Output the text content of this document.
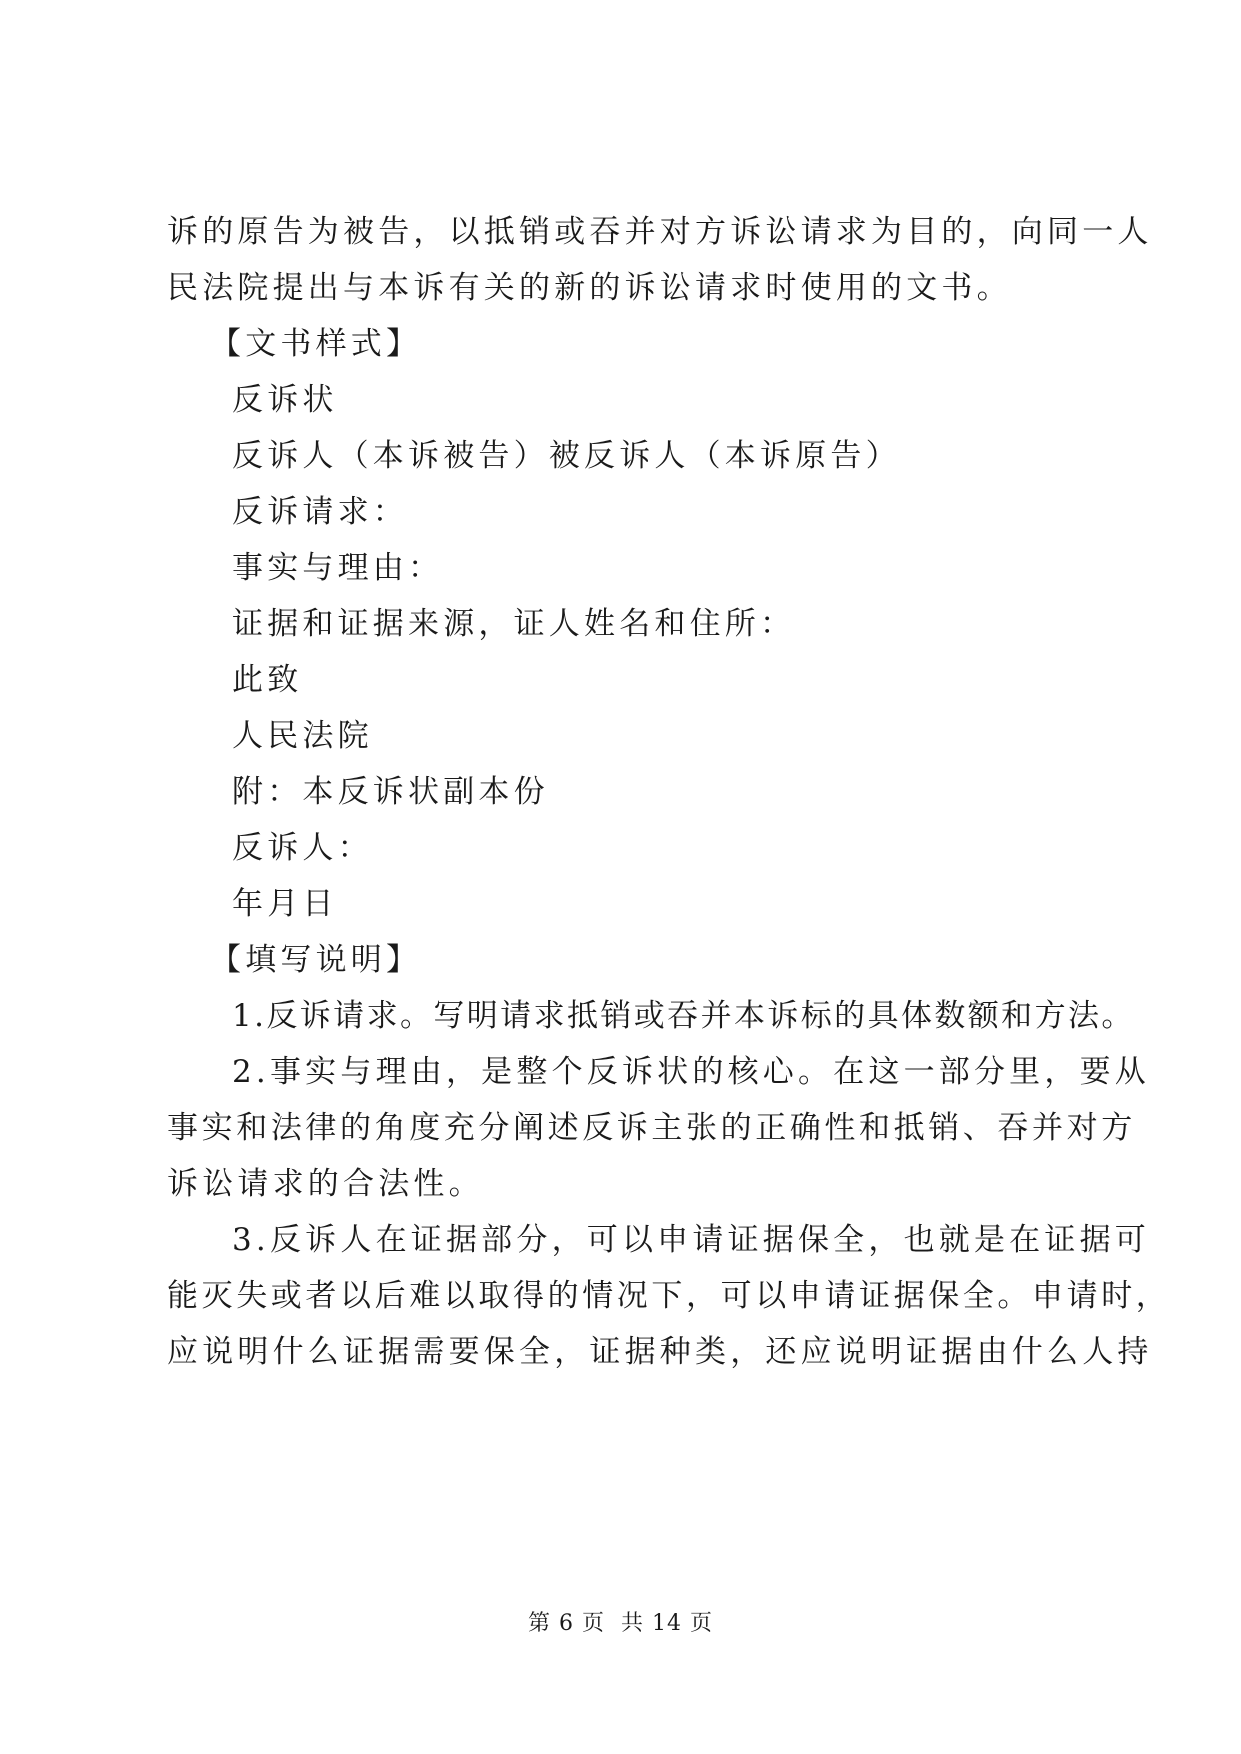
诉的原告为被告，以抵销或吞并对方诉讼请求为目的，向同一人
民法院提出与本诉有关的新的诉讼请求时使用的文书。
【文书样式】
反诉状
反诉人（本诉被告）被反诉人（本诉原告）
反诉请求：
事实与理由：
证据和证据来源，证人姓名和住所：
此致
人民法院
附：本反诉状副本份
反诉人：
年月日
【填写说明】
1.反诉请求。写明请求抵销或吞并本诉标的具体数额和方法。
2.事实与理由，是整个反诉状的核心。在这一部分里，要从
事实和法律的角度充分阐述反诉主张的正确性和抵销、吞并对方
诉讼请求的合法性。
3.反诉人在证据部分，可以申请证据保全，也就是在证据可
能灭失或者以后难以取得的情况下，可以申请证据保全。申请时，
应说明什么证据需要保全，证据种类，还应说明证据由什么人持
第 6 页  共 14 页
